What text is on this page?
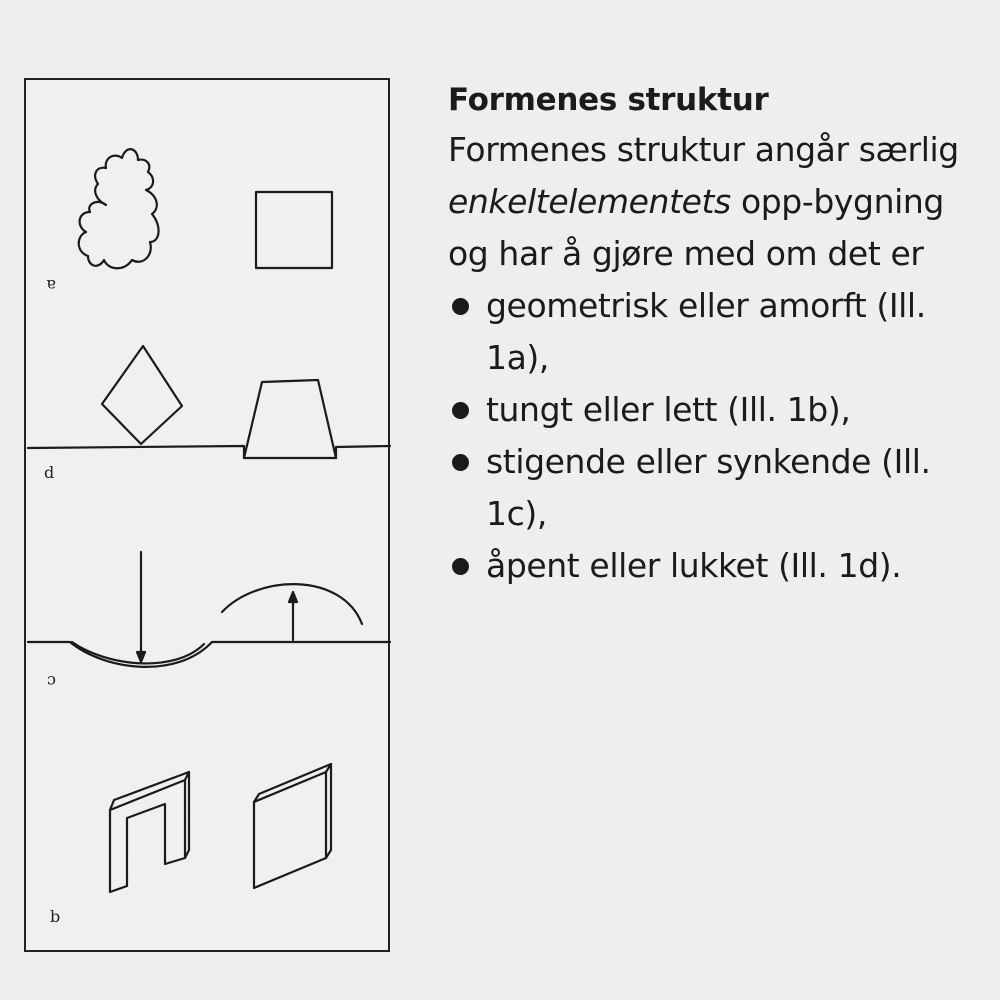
a
d
c
b
Formenes struktur

Formenes struktur angår særlig enkeltelementets opp-bygning og har å gjøre med om det er

geometrisk eller amorft (Ill. 1a),
tungt eller lett (Ill. 1b),
stigende eller synkende (Ill. 1c),
åpent eller lukket (Ill. 1d).
